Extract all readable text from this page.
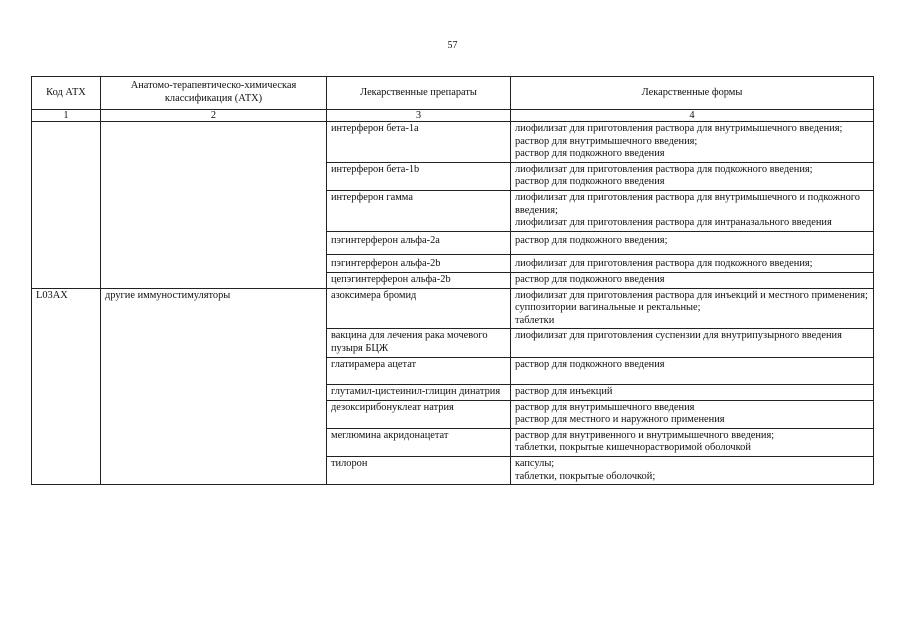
57
Код АТХ	Анатомо-терапевтическо-химическая классификация (АТХ)	Лекарственные препараты	Лекарственные формы
1	2	3	4
		интерферон бета-1a	лиофилизат для приготовления раствора для внутримышечного введения;
раствор для внутримышечного введения;
раствор для подкожного введения

		интерферон бета-1b	лиофилизат для приготовления раствора для подкожного введения;
раствор для подкожного введения

		интерферон гамма	лиофилизат для приготовления раствора для внутримышечного и подкожного введения;
лиофилизат для приготовления раствора для интраназального введения

		пэгинтерферон альфа-2a	раствор для подкожного введения;

		пэгинтерферон альфа-2b	лиофилизат для приготовления раствора для подкожного введения;

		цепэгинтерферон альфа-2b	раствор для подкожного введения

L03AX	другие иммуностимуляторы	азоксимера бромид	лиофилизат для приготовления раствора для инъекций и местного применения;
суппозитории вагинальные и ректальные;
таблетки

		вакцина для лечения рака мочевого пузыря БЦЖ	лиофилизат для приготовления суспензии для внутрипузырного введения

		глатирамера ацетат	раствор для подкожного введения

		глутамил-цистеинил-глицин динатрия	раствор для инъекций

		дезоксирибонуклеат натрия	раствор для внутримышечного введения
раствор для местного и наружного применения

		меглюмина акридонацетат	раствор для внутривенного и внутримышечного введения;
таблетки, покрытые кишечнорастворимой оболочкой

		тилорон	капсулы;
таблетки, покрытые оболочкой;
